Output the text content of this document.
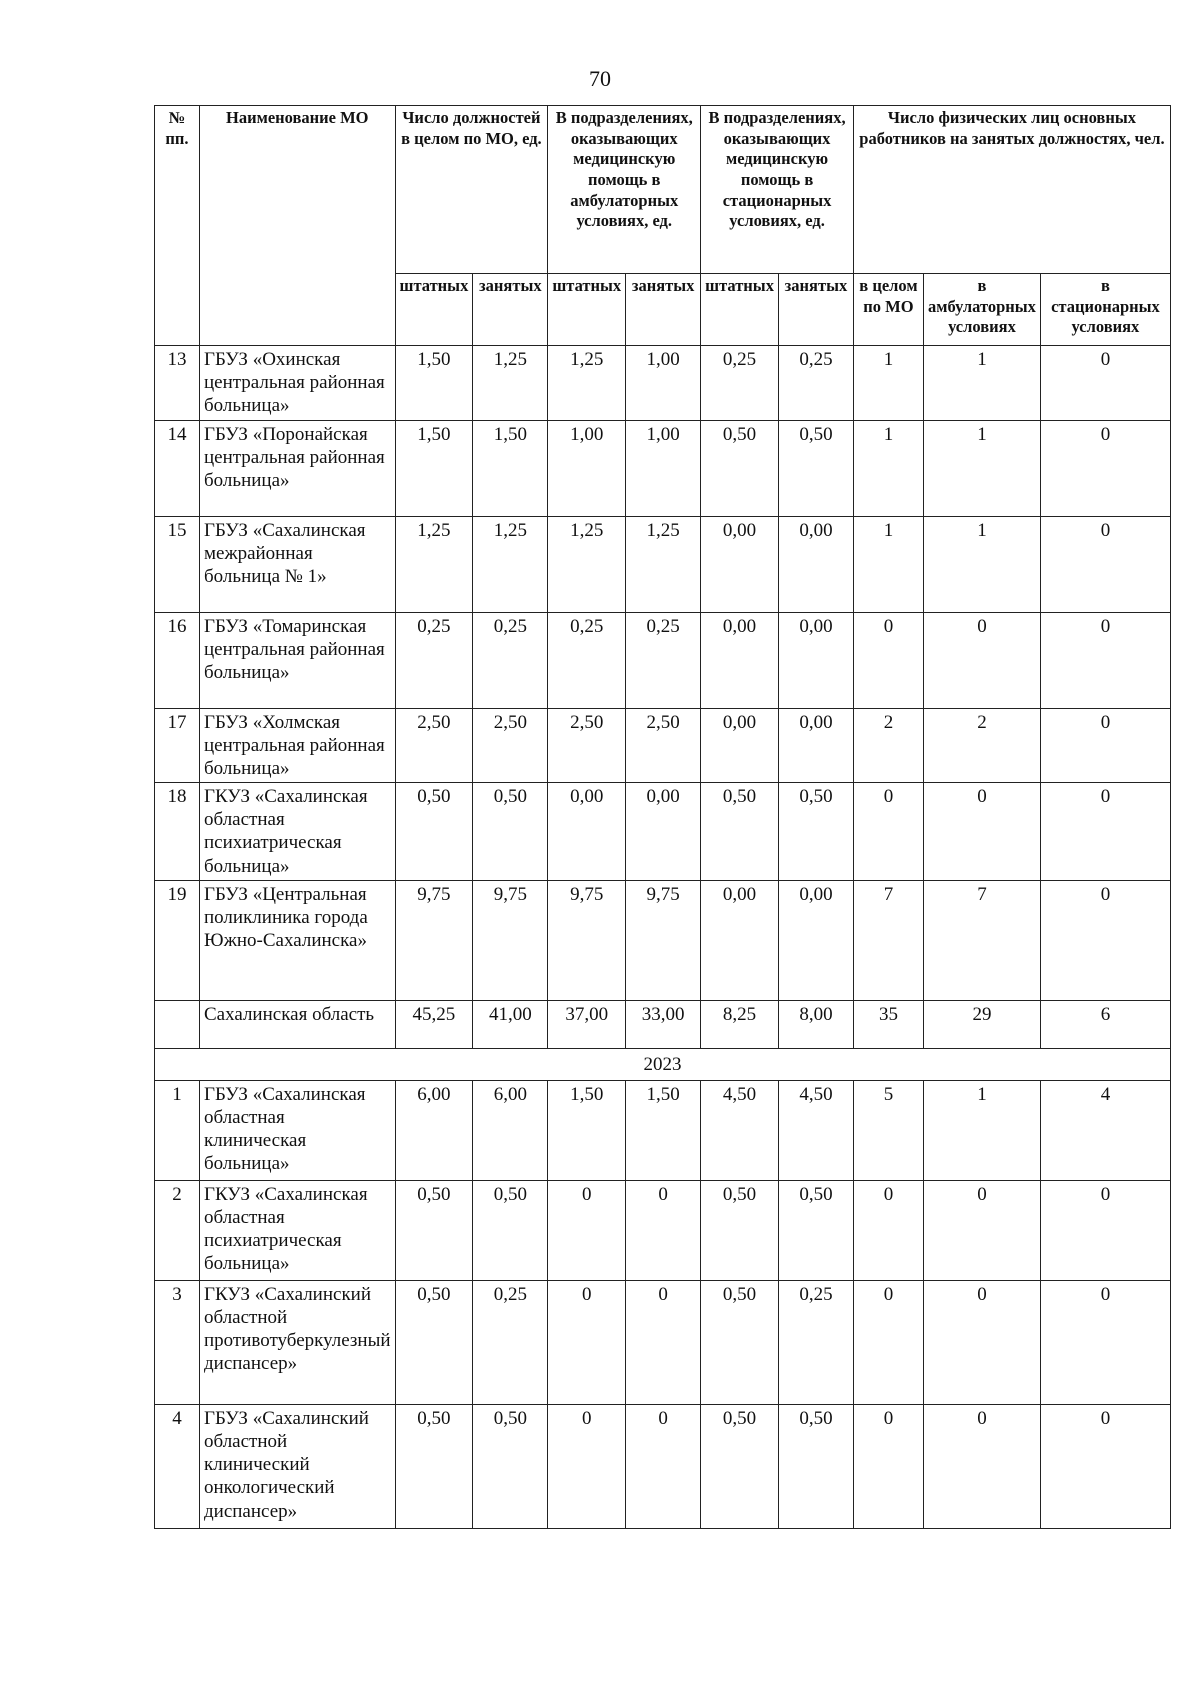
70
№ пп.	Наименование МО	Число должностей в целом по МО, ед.		В подразделениях, оказывающих медицинскую помощь в амбулаторных условиях, ед.		В подразделениях, оказывающих медицинскую помощь в стационарных условиях, ед.		Число физических лиц основных работников на занятых должностях, чел.		
		штатных	занятых	штатных	занятых	штатных	занятых	в целом по МО	в амбулаторных условиях	в стационарных условиях
13	ГБУЗ «Охинская центральная районная больница»	1,50	1,25	1,25	1,00	0,25	0,25	1	1	0
14	ГБУЗ «Поронайская центральная районная больница»	1,50	1,50	1,00	1,00	0,50	0,50	1	1	0
15	ГБУЗ «Сахалинская межрайонная больница № 1»	1,25	1,25	1,25	1,25	0,00	0,00	1	1	0
16	ГБУЗ «Томаринская центральная районная больница»	0,25	0,25	0,25	0,25	0,00	0,00	0	0	0
17	ГБУЗ «Холмская центральная районная больница»	2,50	2,50	2,50	2,50	0,00	0,00	2	2	0
18	ГКУЗ «Сахалинская областная психиатрическая больница»	0,50	0,50	0,00	0,00	0,50	0,50	0	0	0
19	ГБУЗ «Центральная поликлиника города Южно-Сахалинска»	9,75	9,75	9,75	9,75	0,00	0,00	7	7	0
	Сахалинская область	45,25	41,00	37,00	33,00	8,25	8,00	35	29	6
2023										
1	ГБУЗ «Сахалинская областная клиническая больница»	6,00	6,00	1,50	1,50	4,50	4,50	5	1	4
2	ГКУЗ «Сахалинская областная психиатрическая больница»	0,50	0,50	0	0	0,50	0,50	0	0	0
3	ГКУЗ «Сахалинский областной противотуберкулезный диспансер»	0,50	0,25	0	0	0,50	0,25	0	0	0
4	ГБУЗ «Сахалинский областной клинический онкологический диспансер»	0,50	0,50	0	0	0,50	0,50	0	0	0
